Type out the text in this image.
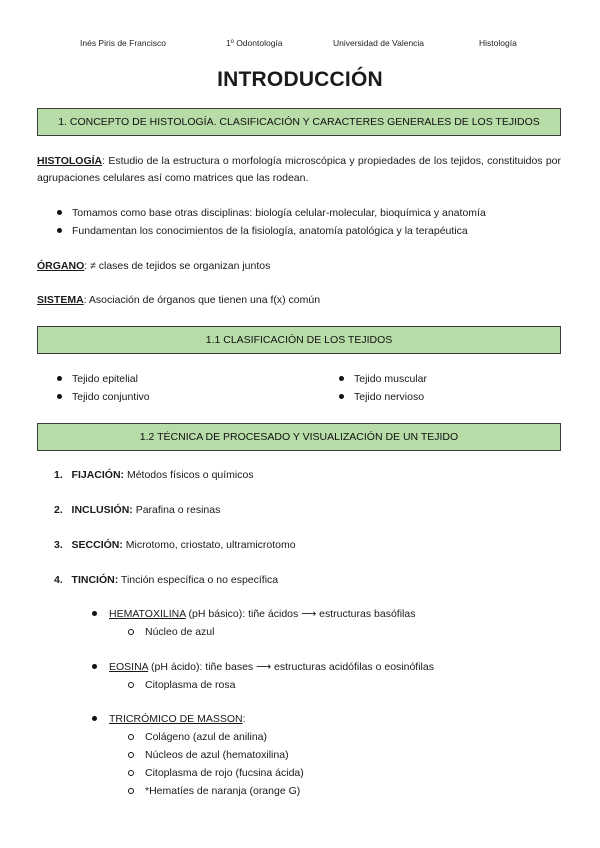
Inés Piris de Francisco	1º Odontología	Universidad de Valencia	Histología
INTRODUCCIÓN
1. CONCEPTO DE HISTOLOGÍA. CLASIFICACIÓN Y CARACTERES GENERALES DE LOS TEJIDOS
HISTOLOGÍA: Estudio de la estructura o morfología microscópica y propiedades de los tejidos, constituidos por agrupaciones celulares así como matrices que las rodean.
Tomamos como base otras disciplinas: biología celular-molecular, bioquímica y anatomía
Fundamentan los conocimientos de la fisiología, anatomía patológica y la terapéutica
ÓRGANO: ≠ clases de tejidos se organizan juntos
SISTEMA: Asociación de órganos que tienen una f(x) común
1.1 CLASIFICACIÓN DE LOS TEJIDOS
Tejido epitelial
Tejido conjuntivo
Tejido muscular
Tejido nervioso
1.2 TÉCNICA DE PROCESADO Y VISUALIZACIÓN DE UN TEJIDO
1. FIJACIÓN: Métodos físicos o químicos
2. INCLUSIÓN: Parafina o resinas
3. SECCIÓN: Microtomo, criostato, ultramicrotomo
4. TINCIÓN: Tinción específica o no específica
HEMATOXILINA (pH básico): tiñe ácidos ⟶ estructuras basófilas
Núcleo de azul
EOSINA (pH ácido): tiñe bases ⟶ estructuras acidófilas o eosinófilas
Citoplasma de rosa
TRICRÓMICO DE MASSON:
Colágeno (azul de anilina)
Núcleos de azul (hematoxilina)
Citoplasma de rojo (fucsina ácida)
*Hematíes de naranja (orange G)
